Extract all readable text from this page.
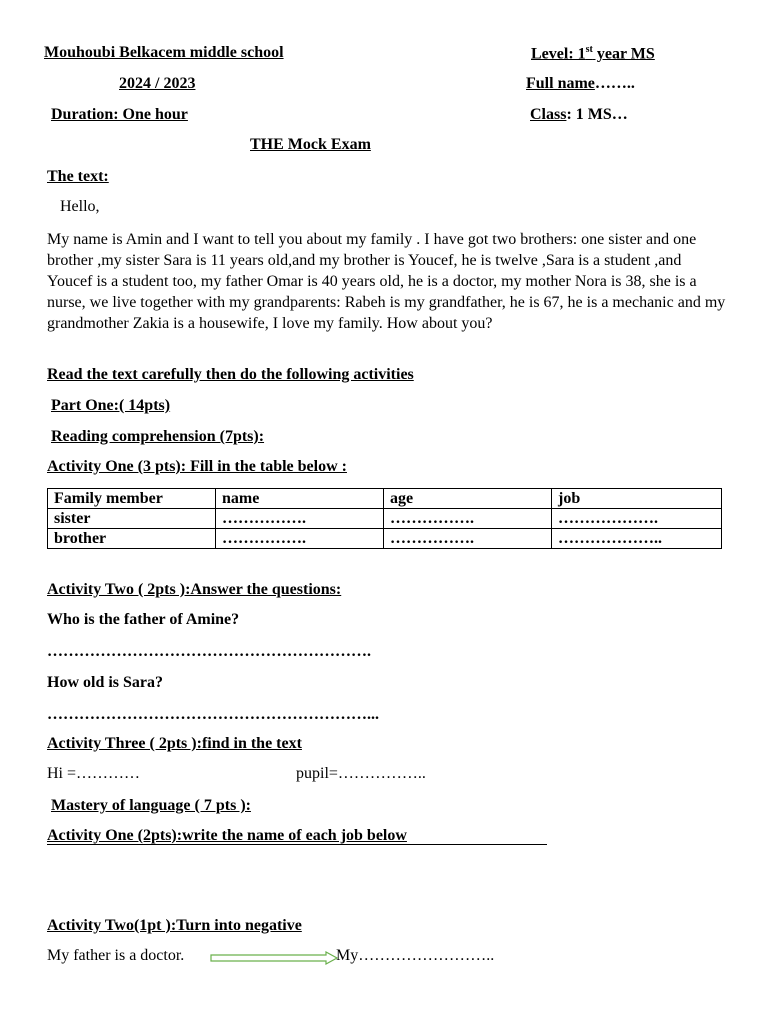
Mouhoubi Belkacem middle school	Level: 1st year MS
2024 / 2023	Full name……..
Duration: One hour	Class: 1 MS…
THE Mock Exam
The text:
Hello,
My name is Amin and I want to tell you about my family . I have got two brothers: one sister and one brother ,my sister Sara is 11 years old,and my brother is Youcef, he is twelve ,Sara is a student ,and Youcef is a student too, my father Omar is 40 years old, he is a doctor, my mother Nora is 38, she is a nurse, we live together with my grandparents: Rabeh is my grandfather, he is 67, he is a mechanic and my grandmother Zakia is a housewife, I love my family. How about you?
Read the text carefully then do the following activities
Part One:( 14pts)
Reading comprehension (7pts):
Activity One (3 pts): Fill in the table below :
Family member	name	age	job
sister	…………….	…………….	……………….
brother	…………….	…………….	………………..
Activity Two ( 2pts ):Answer the questions:
Who is the father of Amine?
…………………………………………………….
How old is Sara?
……………………………………………………...
Activity Three ( 2pts ):find in the text
Hi =…………	pupil=……………..
Mastery of language ( 7 pts ):
Activity One (2pts):write the name of each job below
Activity Two(1pt ):Turn into negative
My father is a doctor.	My……………………..
